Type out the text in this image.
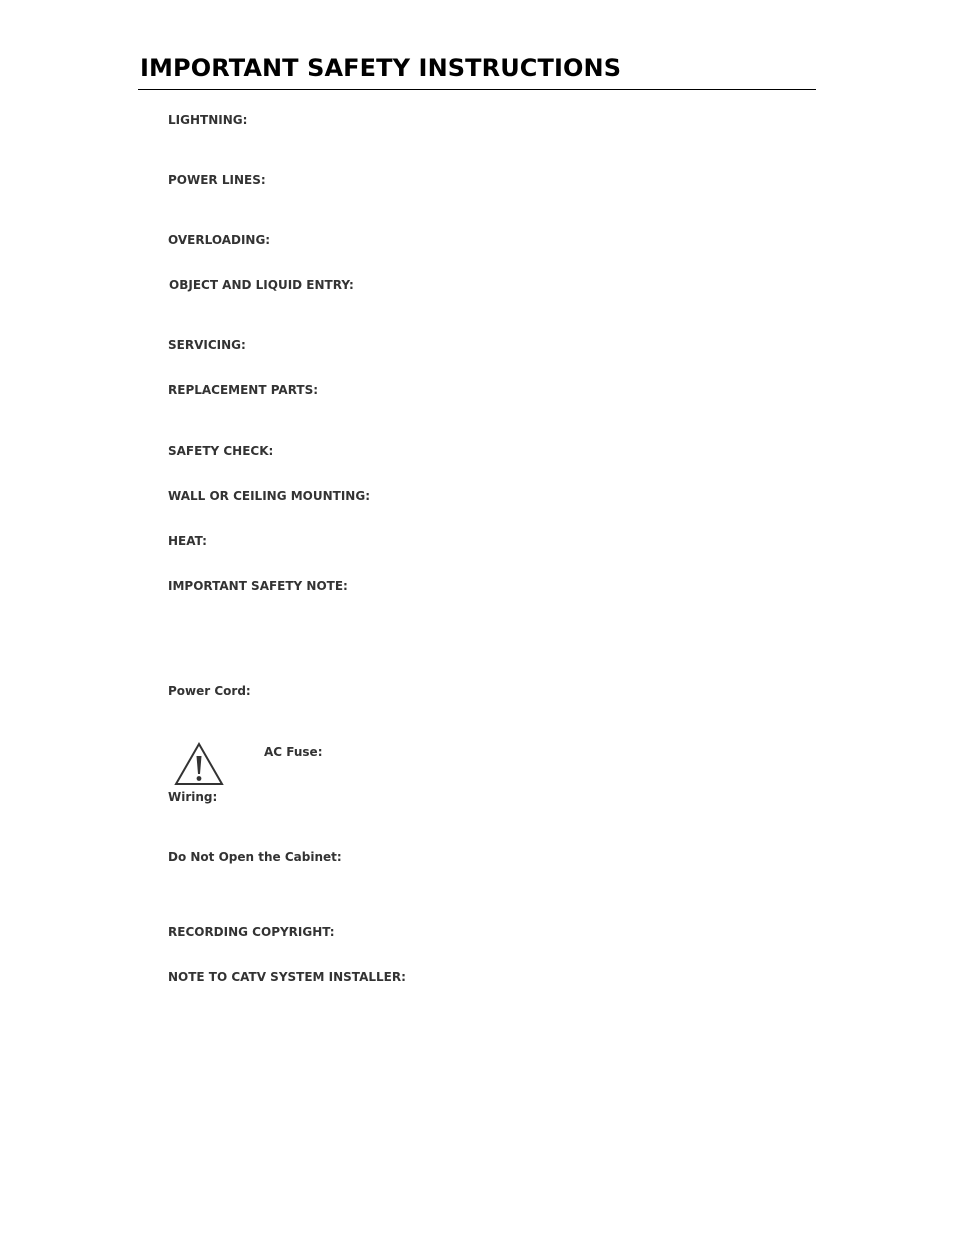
IMPORTANT SAFETY INSTRUCTIONS
LIGHTNING:
POWER LINES:
OVERLOADING:
OBJECT AND LIQUID ENTRY:
SERVICING:
REPLACEMENT PARTS:
SAFETY CHECK:
WALL OR CEILING MOUNTING:
HEAT:
IMPORTANT SAFETY NOTE:
Power Cord:
AC Fuse:
Wiring:
Do Not Open the Cabinet:
RECORDING COPYRIGHT:
NOTE TO CATV SYSTEM INSTALLER:
